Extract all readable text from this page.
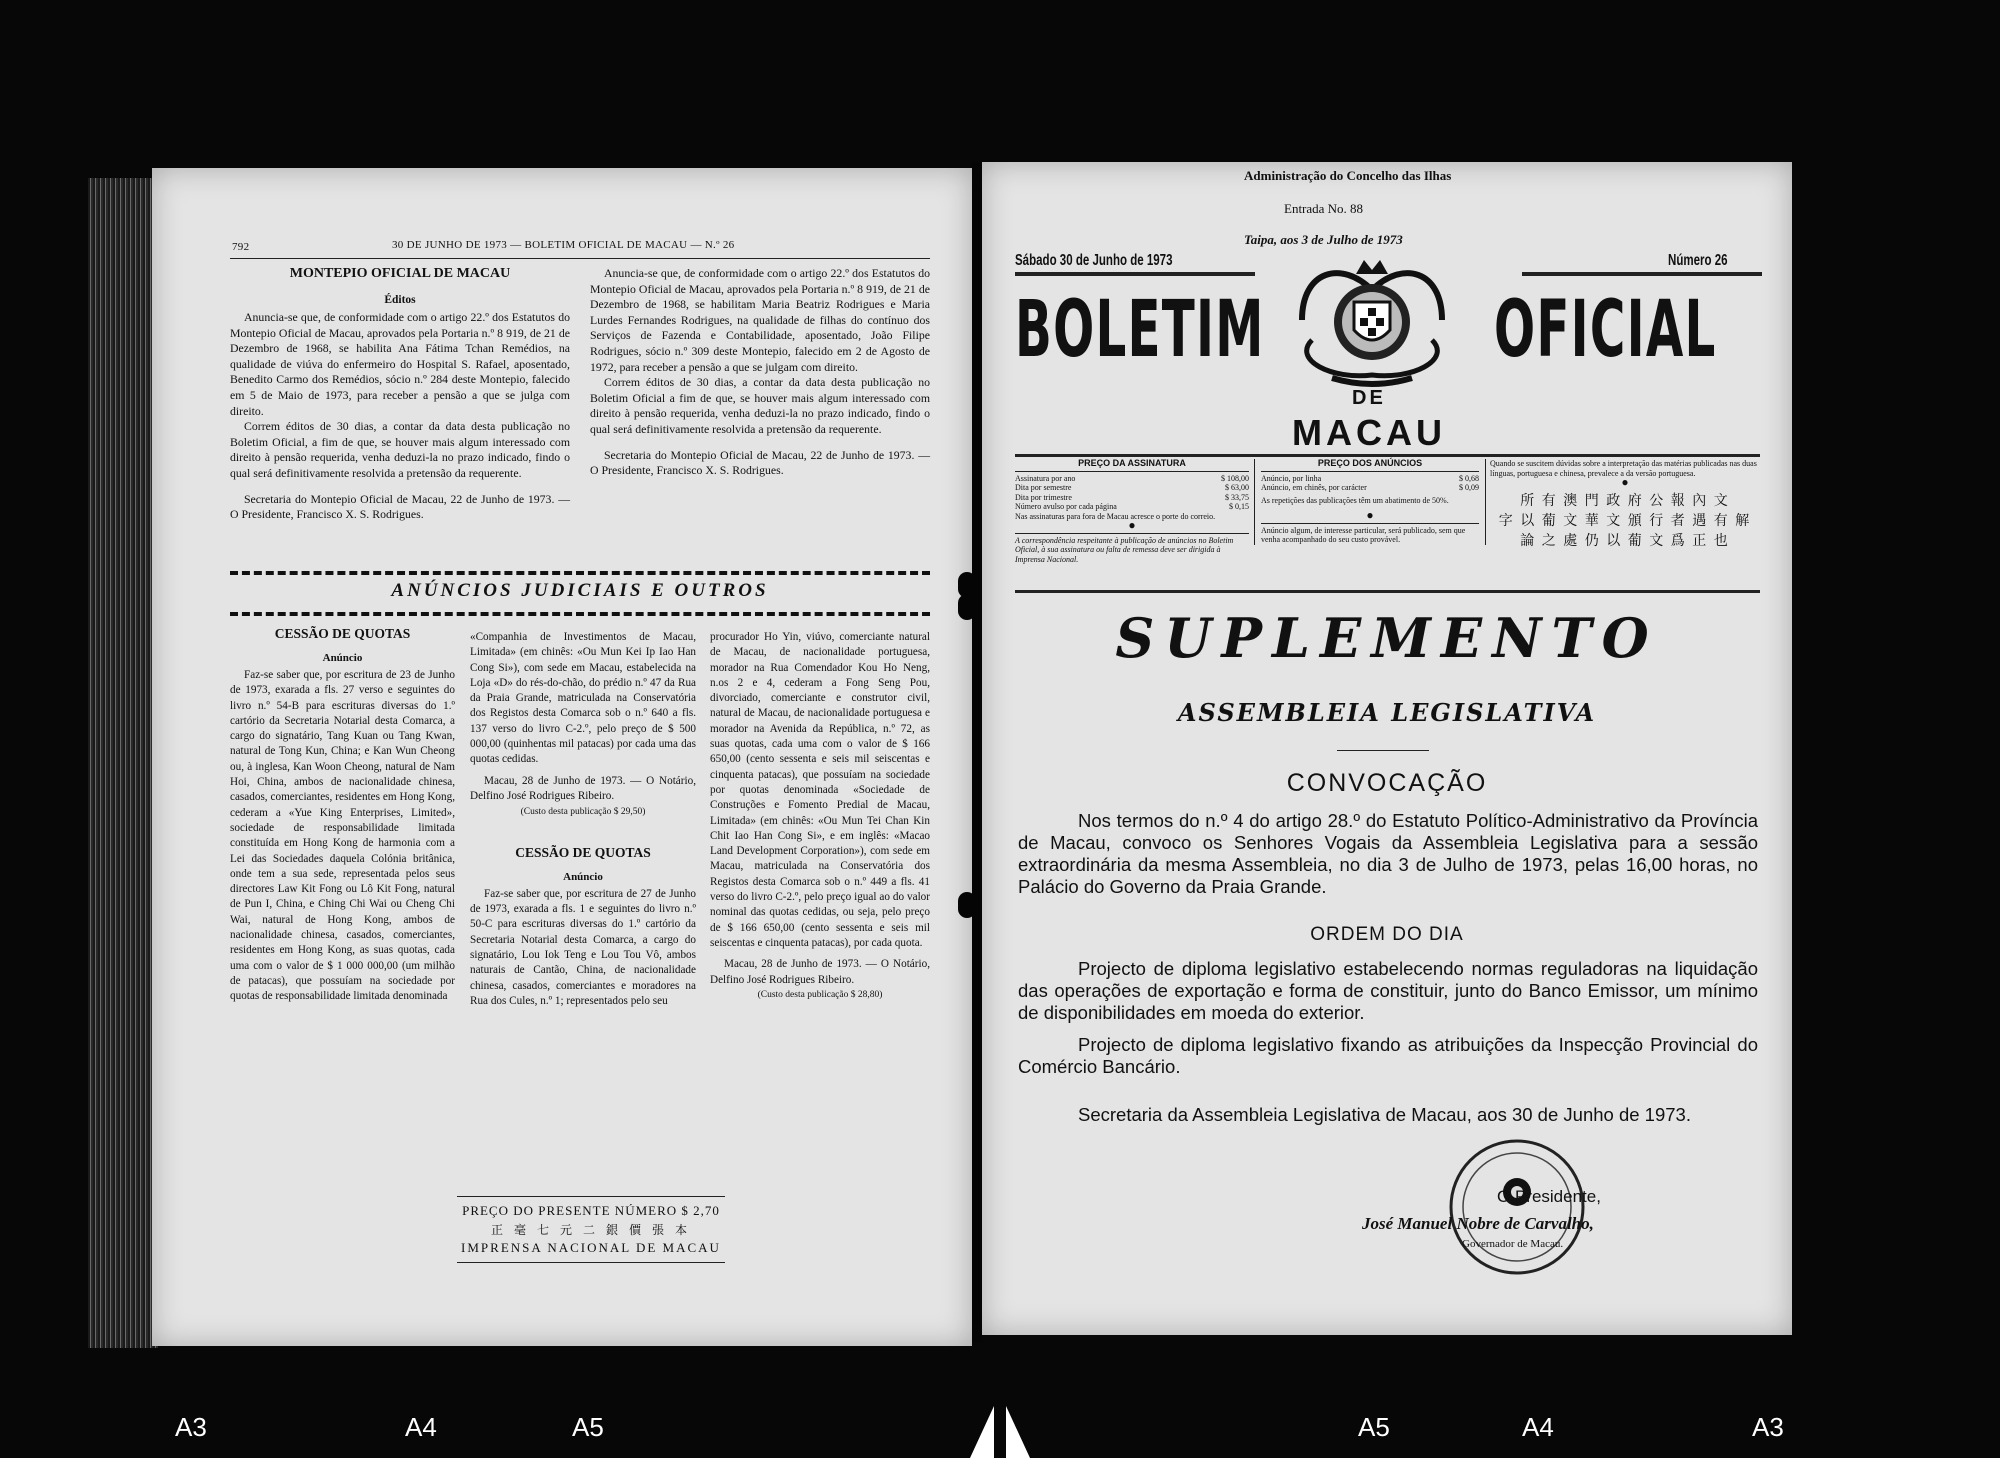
792	30 DE JUNHO DE 1973 — BOLETIM OFICIAL DE MACAU — N.º 26
MONTEPIO OFICIAL DE MACAU
Éditos

Anuncia-se que, de conformidade com o artigo 22.º dos Estatutos do Montepio Oficial de Macau, aprovados pela Portaria n.º 8 919, de 21 de Dezembro de 1968, se habilita Ana Fátima Tchan Remédios, na qualidade de viúva do enfermeiro do Hospital S. Rafael, aposentado, Benedito Carmo dos Remédios, sócio n.º 284 deste Montepio, falecido em 5 de Maio de 1973, para receber a pensão a que se julga com direito.

Correm éditos de 30 dias, a contar da data desta publicação no Boletim Oficial, a fim de que, se houver mais algum interessado com direito à pensão requerida, venha deduzi-la no prazo indicado, findo o qual será definitivamente resolvida a pretensão da requerente.

Secretaria do Montepio Oficial de Macau, 22 de Junho de 1973. — O Presidente, Francisco X. S. Rodrigues.

Anuncia-se que, de conformidade com o artigo 22.º dos Estatutos do Montepio Oficial de Macau, aprovados pela Portaria n.º 8 919, de 21 de Dezembro de 1968, se habilitam Maria Beatriz Rodrigues e Maria Lurdes Fernandes Rodrigues, na qualidade de filhas do contínuo dos Serviços de Fazenda e Contabilidade, aposentado, João Filipe Rodrigues, sócio n.º 309 deste Montepio, falecido em 2 de Agosto de 1972, para receber a pensão a que se julgam com direito.

Correm éditos de 30 dias, a contar da data desta publicação no Boletim Oficial a fim de que, se houver mais algum interessado com direito à pensão requerida, venha deduzi-la no prazo indicado, findo o qual será definitivamente resolvida a pretensão da requerente.

Secretaria do Montepio Oficial de Macau, 22 de Junho de 1973. — O Presidente, Francisco X. S. Rodrigues.

ANÚNCIOS JUDICIAIS E OUTROS
CESSÃO DE QUOTAS
Anúncio

Faz-se saber que, por escritura de 23 de Junho de 1973, exarada a fls. 27 verso e seguintes do livro n.º 54-B para escrituras diversas do 1.º cartório da Secretaria Notarial desta Comarca, a cargo do signatário, Tang Kuan ou Tang Kwan, natural de Tong Kun, China; e Kan Wun Cheong ou, à inglesa, Kan Woon Cheong, natural de Nam Hoi, China, ambos de nacionalidade chinesa, casados, comerciantes, residentes em Hong Kong, cederam a «Yue King Enterprises, Limited», sociedade de responsabilidade limitada constituída em Hong Kong de harmonia com a Lei das Sociedades daquela Colónia britânica, onde tem a sua sede, representada pelos seus directores Law Kit Fong ou Lô Kit Fong, natural de Pun I, China, e Ching Chi Wai ou Cheng Chi Wai, natural de Hong Kong, ambos de nacionalidade chinesa, casados, comerciantes, residentes em Hong Kong, as suas quotas, cada uma com o valor de $ 1 000 000,00 (um milhão de patacas), que possuíam na sociedade por quotas de responsabilidade limitada denominada

«Companhia de Investimentos de Macau, Limitada» (em chinês: «Ou Mun Kei Ip Iao Han Cong Si»), com sede em Macau, estabelecida na Loja «D» do rés-do-chão, do prédio n.º 47 da Rua da Praia Grande, matriculada na Conservatória dos Registos desta Comarca sob o n.º 640 a fls. 137 verso do livro C-2.º, pelo preço de $ 500 000,00 (quinhentas mil patacas) por cada uma das quotas cedidas.

Macau, 28 de Junho de 1973. — O Notário, Delfino José Rodrigues Ribeiro.

(Custo desta publicação $ 29,50)
CESSÃO DE QUOTAS
Anúncio

Faz-se saber que, por escritura de 27 de Junho de 1973, exarada a fls. 1 e seguintes do livro n.º 50-C para escrituras diversas do 1.º cartório da Secretaria Notarial desta Comarca, a cargo do signatário, Lou Iok Teng e Lou Tou Vô, ambos naturais de Cantão, China, de nacionalidade chinesa, casados, comerciantes e moradores na Rua dos Cules, n.º 1; representados pelo seu

procurador Ho Yin, viúvo, comerciante natural de Macau, de nacionalidade portuguesa, morador na Rua Comendador Kou Ho Neng, n.os 2 e 4, cederam a Fong Seng Pou, divorciado, comerciante e construtor civil, natural de Macau, de nacionalidade portuguesa e morador na Avenida da República, n.º 72, as suas quotas, cada uma com o valor de $ 166 650,00 (cento sessenta e seis mil seiscentas e cinquenta patacas), que possuíam na sociedade por quotas denominada «Sociedade de Construções e Fomento Predial de Macau, Limitada» (em chinês: «Ou Mun Tei Chan Kin Chit Iao Han Cong Si», e em inglês: «Macao Land Development Corporation»), com sede em Macau, matriculada na Conservatória dos Registos desta Comarca sob o n.º 449 a fls. 41 verso do livro C-2.º, pelo preço igual ao do valor nominal das quotas cedidas, ou seja, pelo preço de $ 166 650,00 (cento sessenta e seis mil seiscentas e cinquenta patacas), por cada quota.

Macau, 28 de Junho de 1973. — O Notário, Delfino José Rodrigues Ribeiro.

(Custo desta publicação $ 28,80)
PREÇO DO PRESENTE NÚMERO $ 2,70
正 毫 七 元 二 銀 價 張 本
IMPRENSA NACIONAL DE MACAU
Administração do Concelho das Ilhas
Entrada No. 88
Taipa, aos 3 de Julho de 1973
Sábado 30 de Junho de 1973	Número 26
BOLETIM	OFICIAL
DE
MACAU
PREÇO DA ASSINATURA
Assinatura por ano	$ 108,00
Dita por semestre	$ 63,00
Dita por trimestre	$ 33,75
Número avulso por cada página	$ 0,15
Nas assinaturas para fora de Macau acresce o porte do correio.
●
A correspondência respeitante à publicação de anúncios no Boletim Oficial, à sua assinatura ou falta de remessa deve ser dirigida à Imprensa Nacional.
PREÇO DOS ANÚNCIOS
Anúncio, por linha	$ 0,68
Anúncio, em chinês, por carácter	$ 0,09
As repetições das publicações têm um abatimento de 50%.
●
Anúncio algum, de interesse particular, será publicado, sem que venha acompanhado do seu custo provável.
Quando se suscitem dúvidas sobre a interpretação das matérias publicadas nas duas línguas, portuguesa e chinesa, prevalece a da versão portuguesa.
●
所 有 澳 門 政 府 公 報 內 文
字 以 葡 文 華 文 頒 行 者 遇 有 解
論 之 處 仍 以 葡 文 爲 正 也
SUPLEMENTO
ASSEMBLEIA LEGISLATIVA
CONVOCAÇÃO

Nos termos do n.º 4 do artigo 28.º do Estatuto Político-Administrativo da Província de Macau, convoco os Senhores Vogais da Assembleia Legislativa para a sessão extraordinária da mesma Assembleia, no dia 3 de Julho de 1973, pelas 16,00 horas, no Palácio do Governo da Praia Grande.

ORDEM DO DIA

Projecto de diploma legislativo estabelecendo normas reguladoras na liquidação das operações de exportação e forma de constituir, junto do Banco Emissor, um mínimo de disponibilidades em moeda do exterior.

Projecto de diploma legislativo fixando as atribuições da Inspecção Provincial do Comércio Bancário.

Secretaria da Assembleia Legislativa de Macau, aos 30 de Junho de 1973.

O Presidente,
José Manuel Nobre de Carvalho,
Governador de Macau.
A3	A4	A5	A5	A4	A3
